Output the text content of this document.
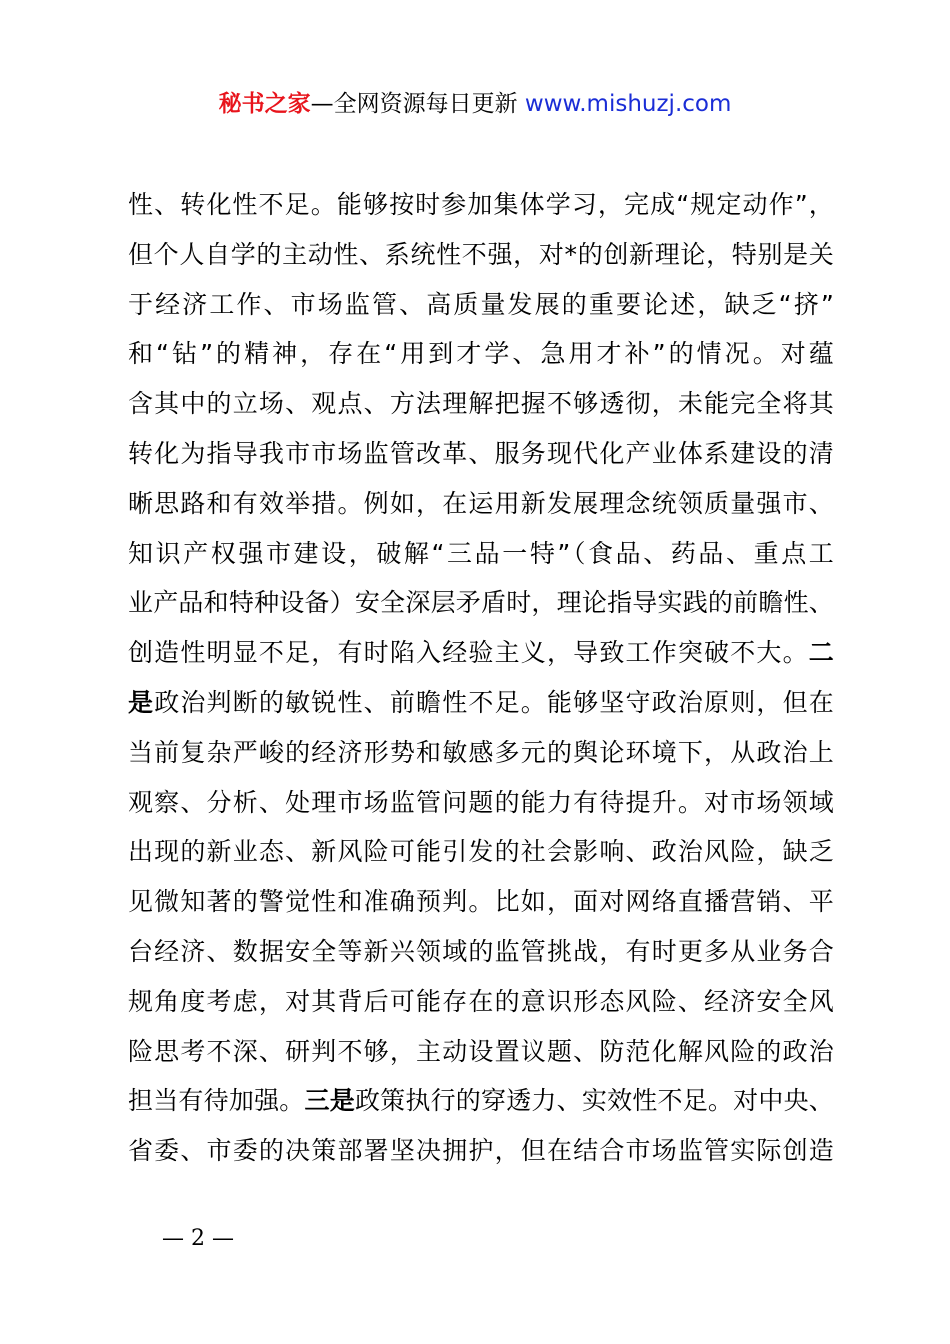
秘书之家—全网资源每日更新 www.mishuzj.com
性、转化性不足。能够按时参加集体学习，完成“规定动作”，
但个人自学的主动性、系统性不强，对*的创新理论，特别是关
于经济工作、市场监管、高质量发展的重要论述，缺乏“挤”
和“钻”的精神，存在“用到才学、急用才补”的情况。对蕴
含其中的立场、观点、方法理解把握不够透彻，未能完全将其
转化为指导我市市场监管改革、服务现代化产业体系建设的清
晰思路和有效举措。例如，在运用新发展理念统领质量强市、
知识产权强市建设，破解“三品一特”（食品、药品、重点工
业产品和特种设备）安全深层矛盾时，理论指导实践的前瞻性、
创造性明显不足，有时陷入经验主义，导致工作突破不大。二
是政治判断的敏锐性、前瞻性不足。能够坚守政治原则，但在
当前复杂严峻的经济形势和敏感多元的舆论环境下，从政治上
观察、分析、处理市场监管问题的能力有待提升。对市场领域
出现的新业态、新风险可能引发的社会影响、政治风险，缺乏
见微知著的警觉性和准确预判。比如，面对网络直播营销、平
台经济、数据安全等新兴领域的监管挑战，有时更多从业务合
规角度考虑，对其背后可能存在的意识形态风险、经济安全风
险思考不深、研判不够，主动设置议题、防范化解风险的政治
担当有待加强。三是政策执行的穿透力、实效性不足。对中央、
省委、市委的决策部署坚决拥护，但在结合市场监管实际创造
— 2 —
